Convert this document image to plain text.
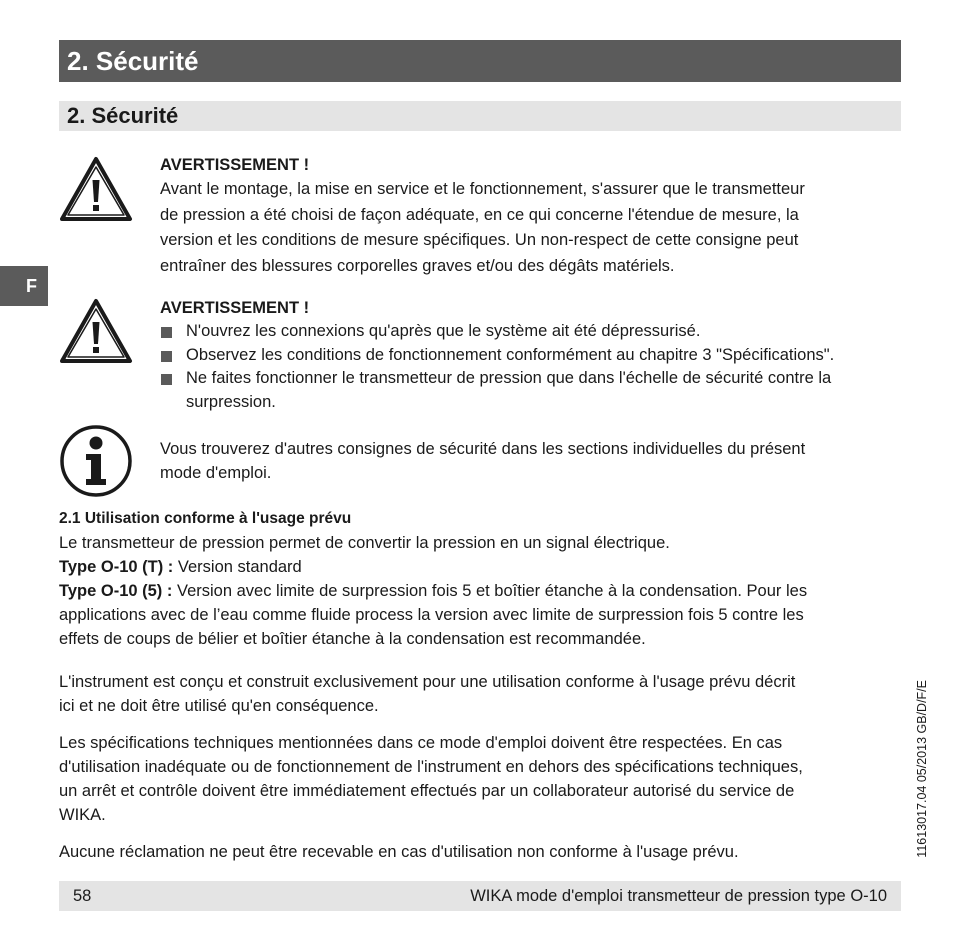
2. Sécurité
2. Sécurité
F
AVERTISSEMENT !
Avant le montage, la mise en service et le fonctionnement, s'assurer que le transmetteur
de pression a été choisi de façon adéquate, en ce qui concerne l'étendue de mesure, la
version et les conditions de mesure spécifiques. Un non-respect de cette consigne peut
entraîner des blessures corporelles graves et/ou des dégâts matériels.
AVERTISSEMENT !
N'ouvrez les connexions qu'après que le système ait été dépressurisé.
Observez les conditions de fonctionnement conformément au chapitre 3 "Spécifications".
Ne faites fonctionner le transmetteur de pression que dans l'échelle de sécurité contre la surpression.
Vous trouverez d'autres consignes de sécurité dans les sections individuelles du présent
mode d'emploi.
2.1 Utilisation conforme à l'usage prévu
Le transmetteur de pression permet de convertir la pression en un signal électrique.
Type O-10 (T) : Version standard
Type O-10 (5) : Version avec limite de surpression fois 5 et boîtier étanche à la condensation. Pour les
applications avec de l’eau comme fluide process la version avec limite de surpression fois 5 contre les
effets de coups de bélier et boîtier étanche à la condensation est recommandée.
L'instrument est conçu et construit exclusivement pour une utilisation conforme à l'usage prévu décrit
ici et ne doit être utilisé qu'en conséquence.
Les spécifications techniques mentionnées dans ce mode d'emploi doivent être respectées. En cas
d'utilisation inadéquate ou de fonctionnement de l'instrument en dehors des spécifications techniques,
un arrêt et contrôle doivent être immédiatement effectués par un collaborateur autorisé du service de
WIKA.
Aucune réclamation ne peut être recevable en cas d'utilisation non conforme à l'usage prévu.
58	WIKA mode d'emploi transmetteur de pression type O-10
11613017.04 05/2013 GB/D/F/E
